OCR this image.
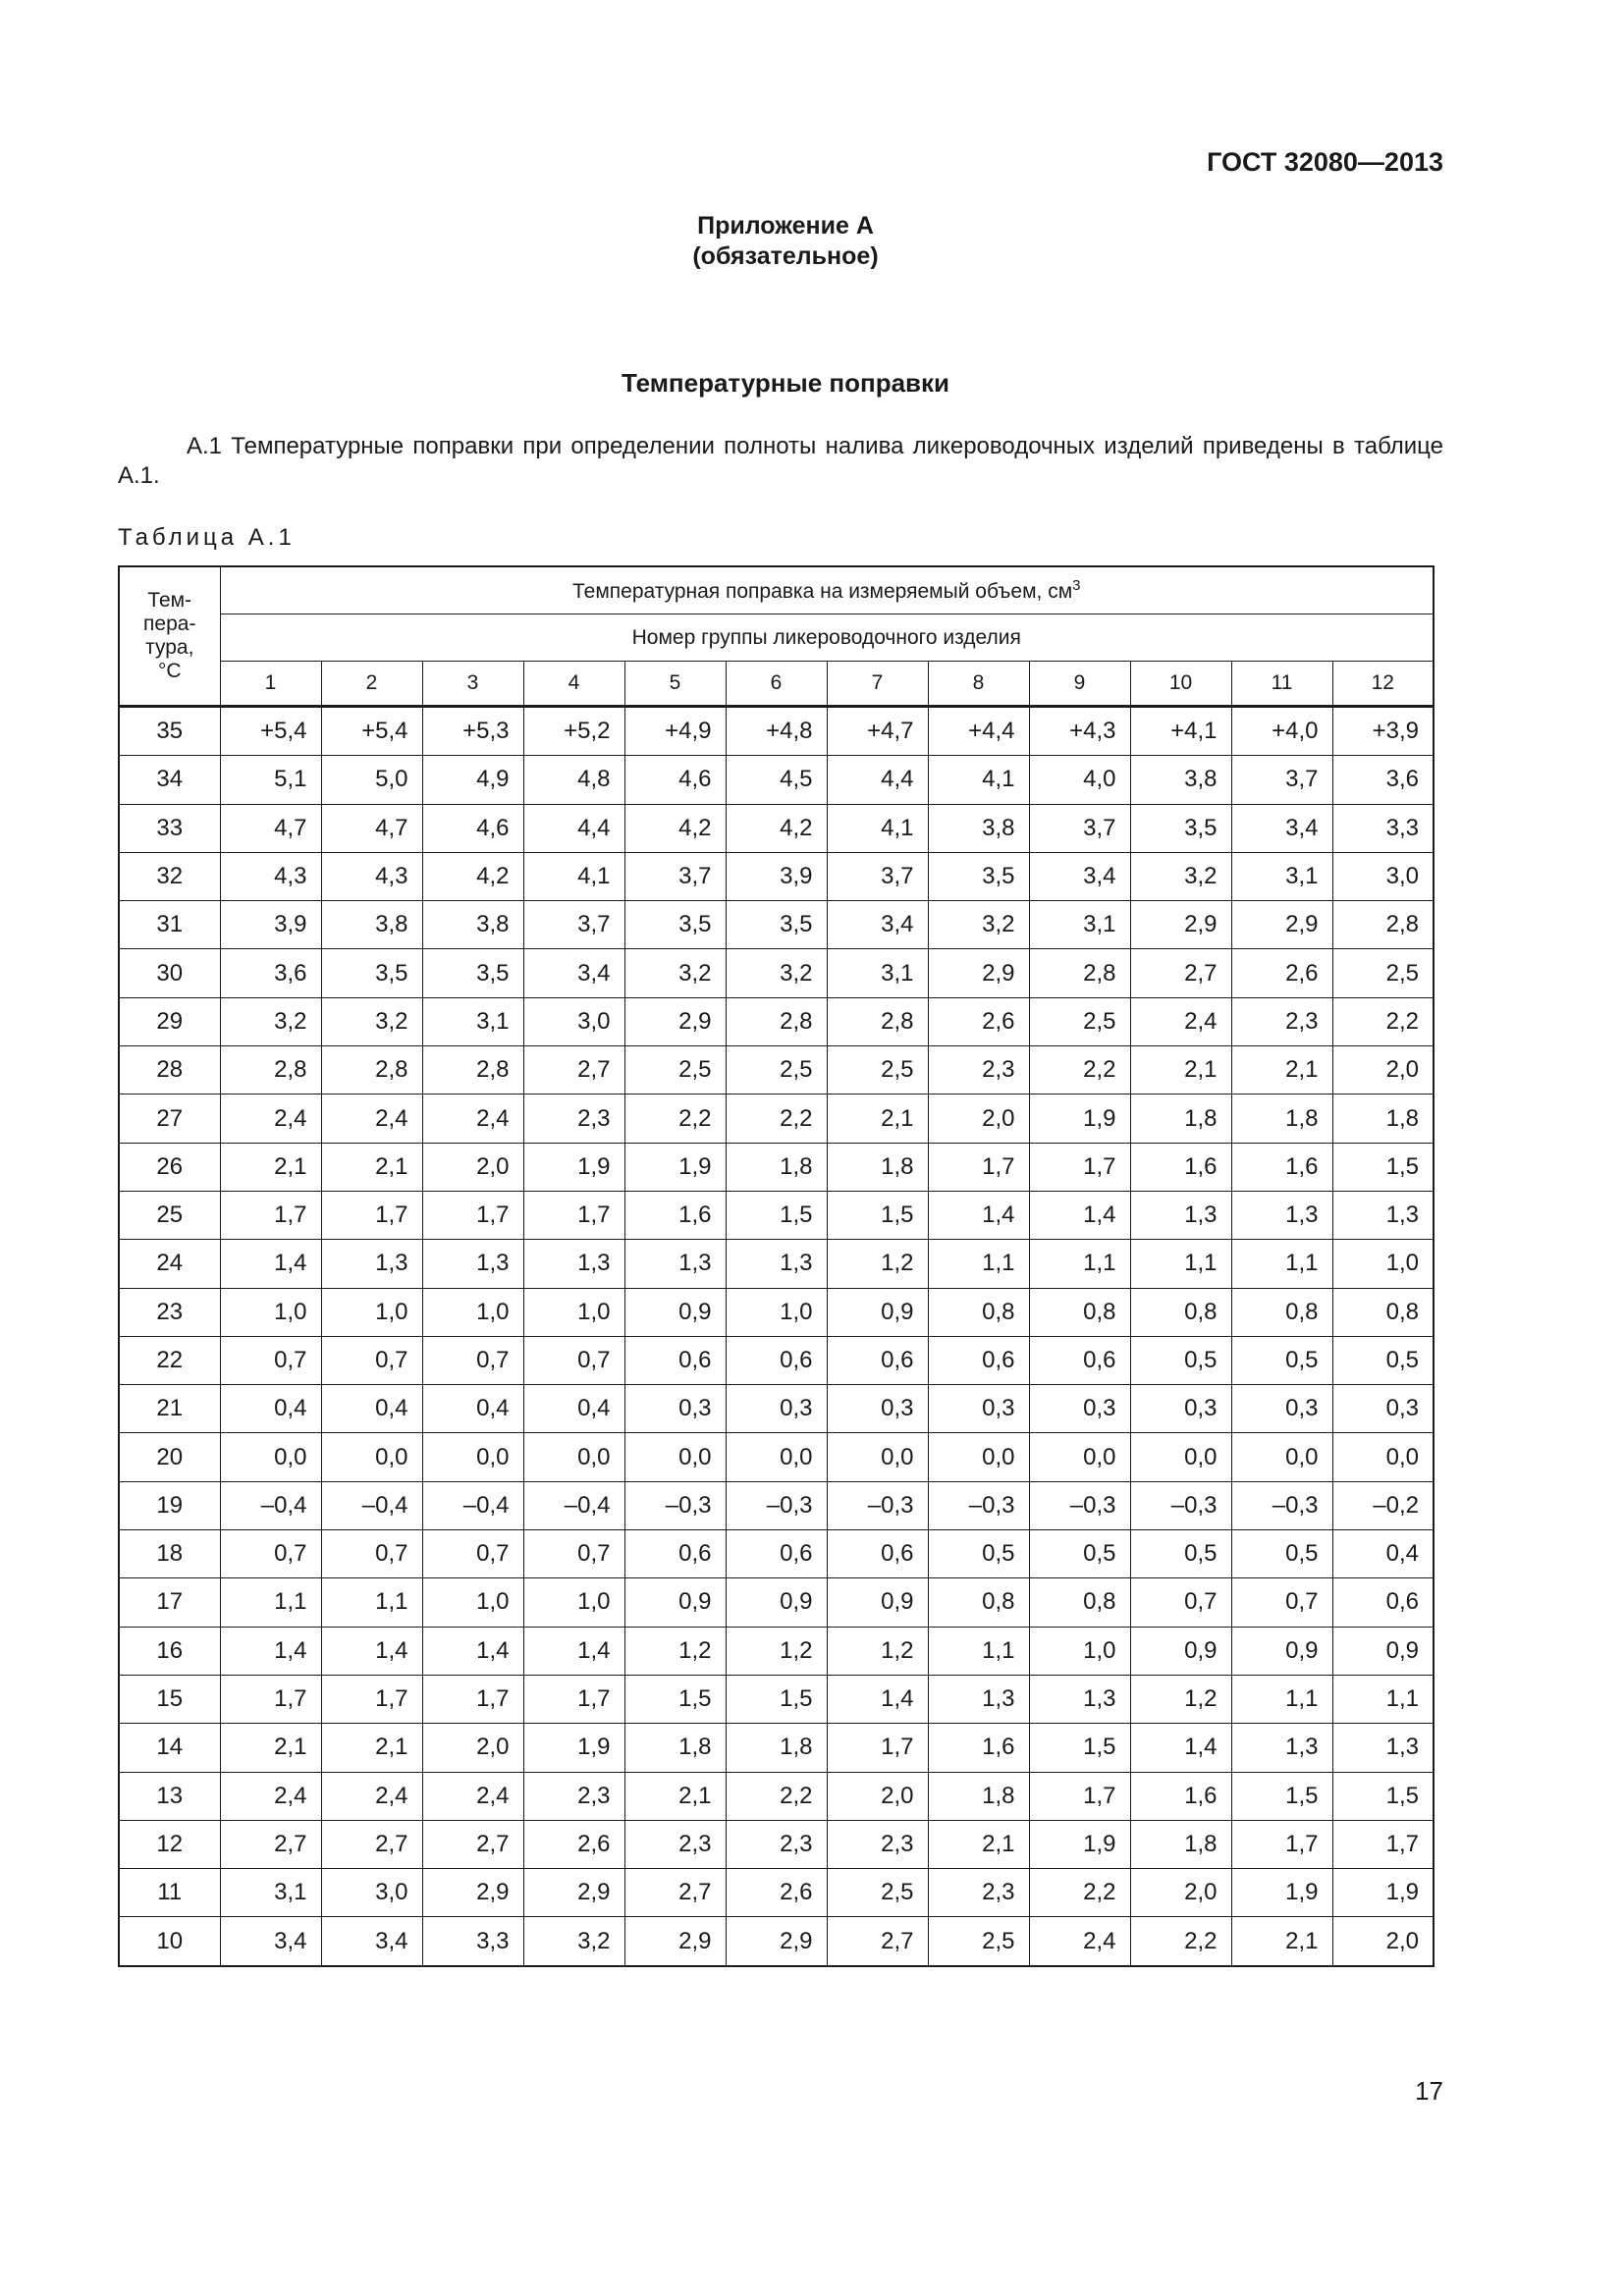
ГОСТ 32080—2013
Приложение А
(обязательное)
Температурные поправки
А.1 Температурные поправки при определении полноты налива ликероводочных изделий приведены в таблице А.1.
Таблица А.1
Тем-
пера-
тура,
°С	Температурная поправка на измеряемый объем, $см^3$
	Номер группы ликероводочного изделия											
	1	2	3	4	5	6	7	8	9	10	11	12
35	+5,4	+5,4	+5,3	+5,2	+4,9	+4,8	+4,7	+4,4	+4,3	+4,1	+4,0	+3,9
34	5,1	5,0	4,9	4,8	4,6	4,5	4,4	4,1	4,0	3,8	3,7	3,6
33	4,7	4,7	4,6	4,4	4,2	4,2	4,1	3,8	3,7	3,5	3,4	3,3
32	4,3	4,3	4,2	4,1	3,7	3,9	3,7	3,5	3,4	3,2	3,1	3,0
31	3,9	3,8	3,8	3,7	3,5	3,5	3,4	3,2	3,1	2,9	2,9	2,8
30	3,6	3,5	3,5	3,4	3,2	3,2	3,1	2,9	2,8	2,7	2,6	2,5
29	3,2	3,2	3,1	3,0	2,9	2,8	2,8	2,6	2,5	2,4	2,3	2,2
28	2,8	2,8	2,8	2,7	2,5	2,5	2,5	2,3	2,2	2,1	2,1	2,0
27	2,4	2,4	2,4	2,3	2,2	2,2	2,1	2,0	1,9	1,8	1,8	1,8
26	2,1	2,1	2,0	1,9	1,9	1,8	1,8	1,7	1,7	1,6	1,6	1,5
25	1,7	1,7	1,7	1,7	1,6	1,5	1,5	1,4	1,4	1,3	1,3	1,3
24	1,4	1,3	1,3	1,3	1,3	1,3	1,2	1,1	1,1	1,1	1,1	1,0
23	1,0	1,0	1,0	1,0	0,9	1,0	0,9	0,8	0,8	0,8	0,8	0,8
22	0,7	0,7	0,7	0,7	0,6	0,6	0,6	0,6	0,6	0,5	0,5	0,5
21	0,4	0,4	0,4	0,4	0,3	0,3	0,3	0,3	0,3	0,3	0,3	0,3
20	0,0	0,0	0,0	0,0	0,0	0,0	0,0	0,0	0,0	0,0	0,0	0,0
19	–0,4	–0,4	–0,4	–0,4	–0,3	–0,3	–0,3	–0,3	–0,3	–0,3	–0,3	–0,2
18	0,7	0,7	0,7	0,7	0,6	0,6	0,6	0,5	0,5	0,5	0,5	0,4
17	1,1	1,1	1,0	1,0	0,9	0,9	0,9	0,8	0,8	0,7	0,7	0,6
16	1,4	1,4	1,4	1,4	1,2	1,2	1,2	1,1	1,0	0,9	0,9	0,9
15	1,7	1,7	1,7	1,7	1,5	1,5	1,4	1,3	1,3	1,2	1,1	1,1
14	2,1	2,1	2,0	1,9	1,8	1,8	1,7	1,6	1,5	1,4	1,3	1,3
13	2,4	2,4	2,4	2,3	2,1	2,2	2,0	1,8	1,7	1,6	1,5	1,5
12	2,7	2,7	2,7	2,6	2,3	2,3	2,3	2,1	1,9	1,8	1,7	1,7
11	3,1	3,0	2,9	2,9	2,7	2,6	2,5	2,3	2,2	2,0	1,9	1,9
10	3,4	3,4	3,3	3,2	2,9	2,9	2,7	2,5	2,4	2,2	2,1	2,0
17
